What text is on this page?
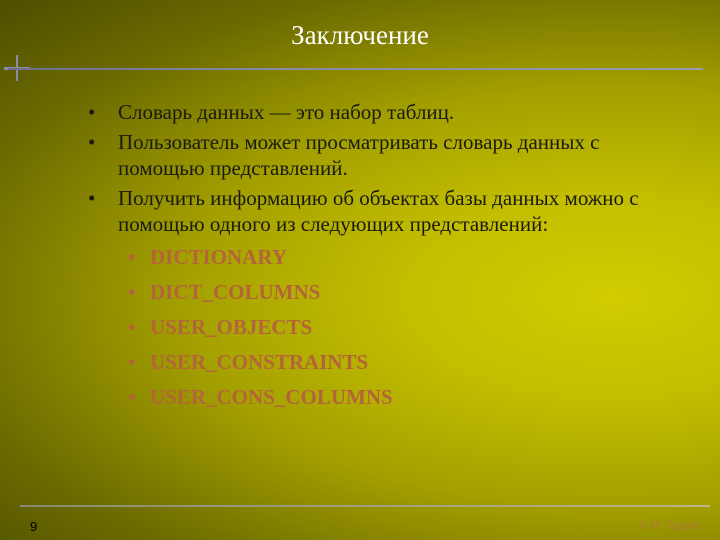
Заключение
• Словарь данных — это набор таблиц.
• Пользователь может просматривать словарь данных с помощью представлений.
• Получить информацию об объектах базы данных можно с помощью одного из следующих представлений:
• DICTIONARY
• DICT_COLUMNS
• USER_OBJECTS
• USER_CONSTRAINTS
• USER_CONS_COLUMNS
9	А.М. Гудов
